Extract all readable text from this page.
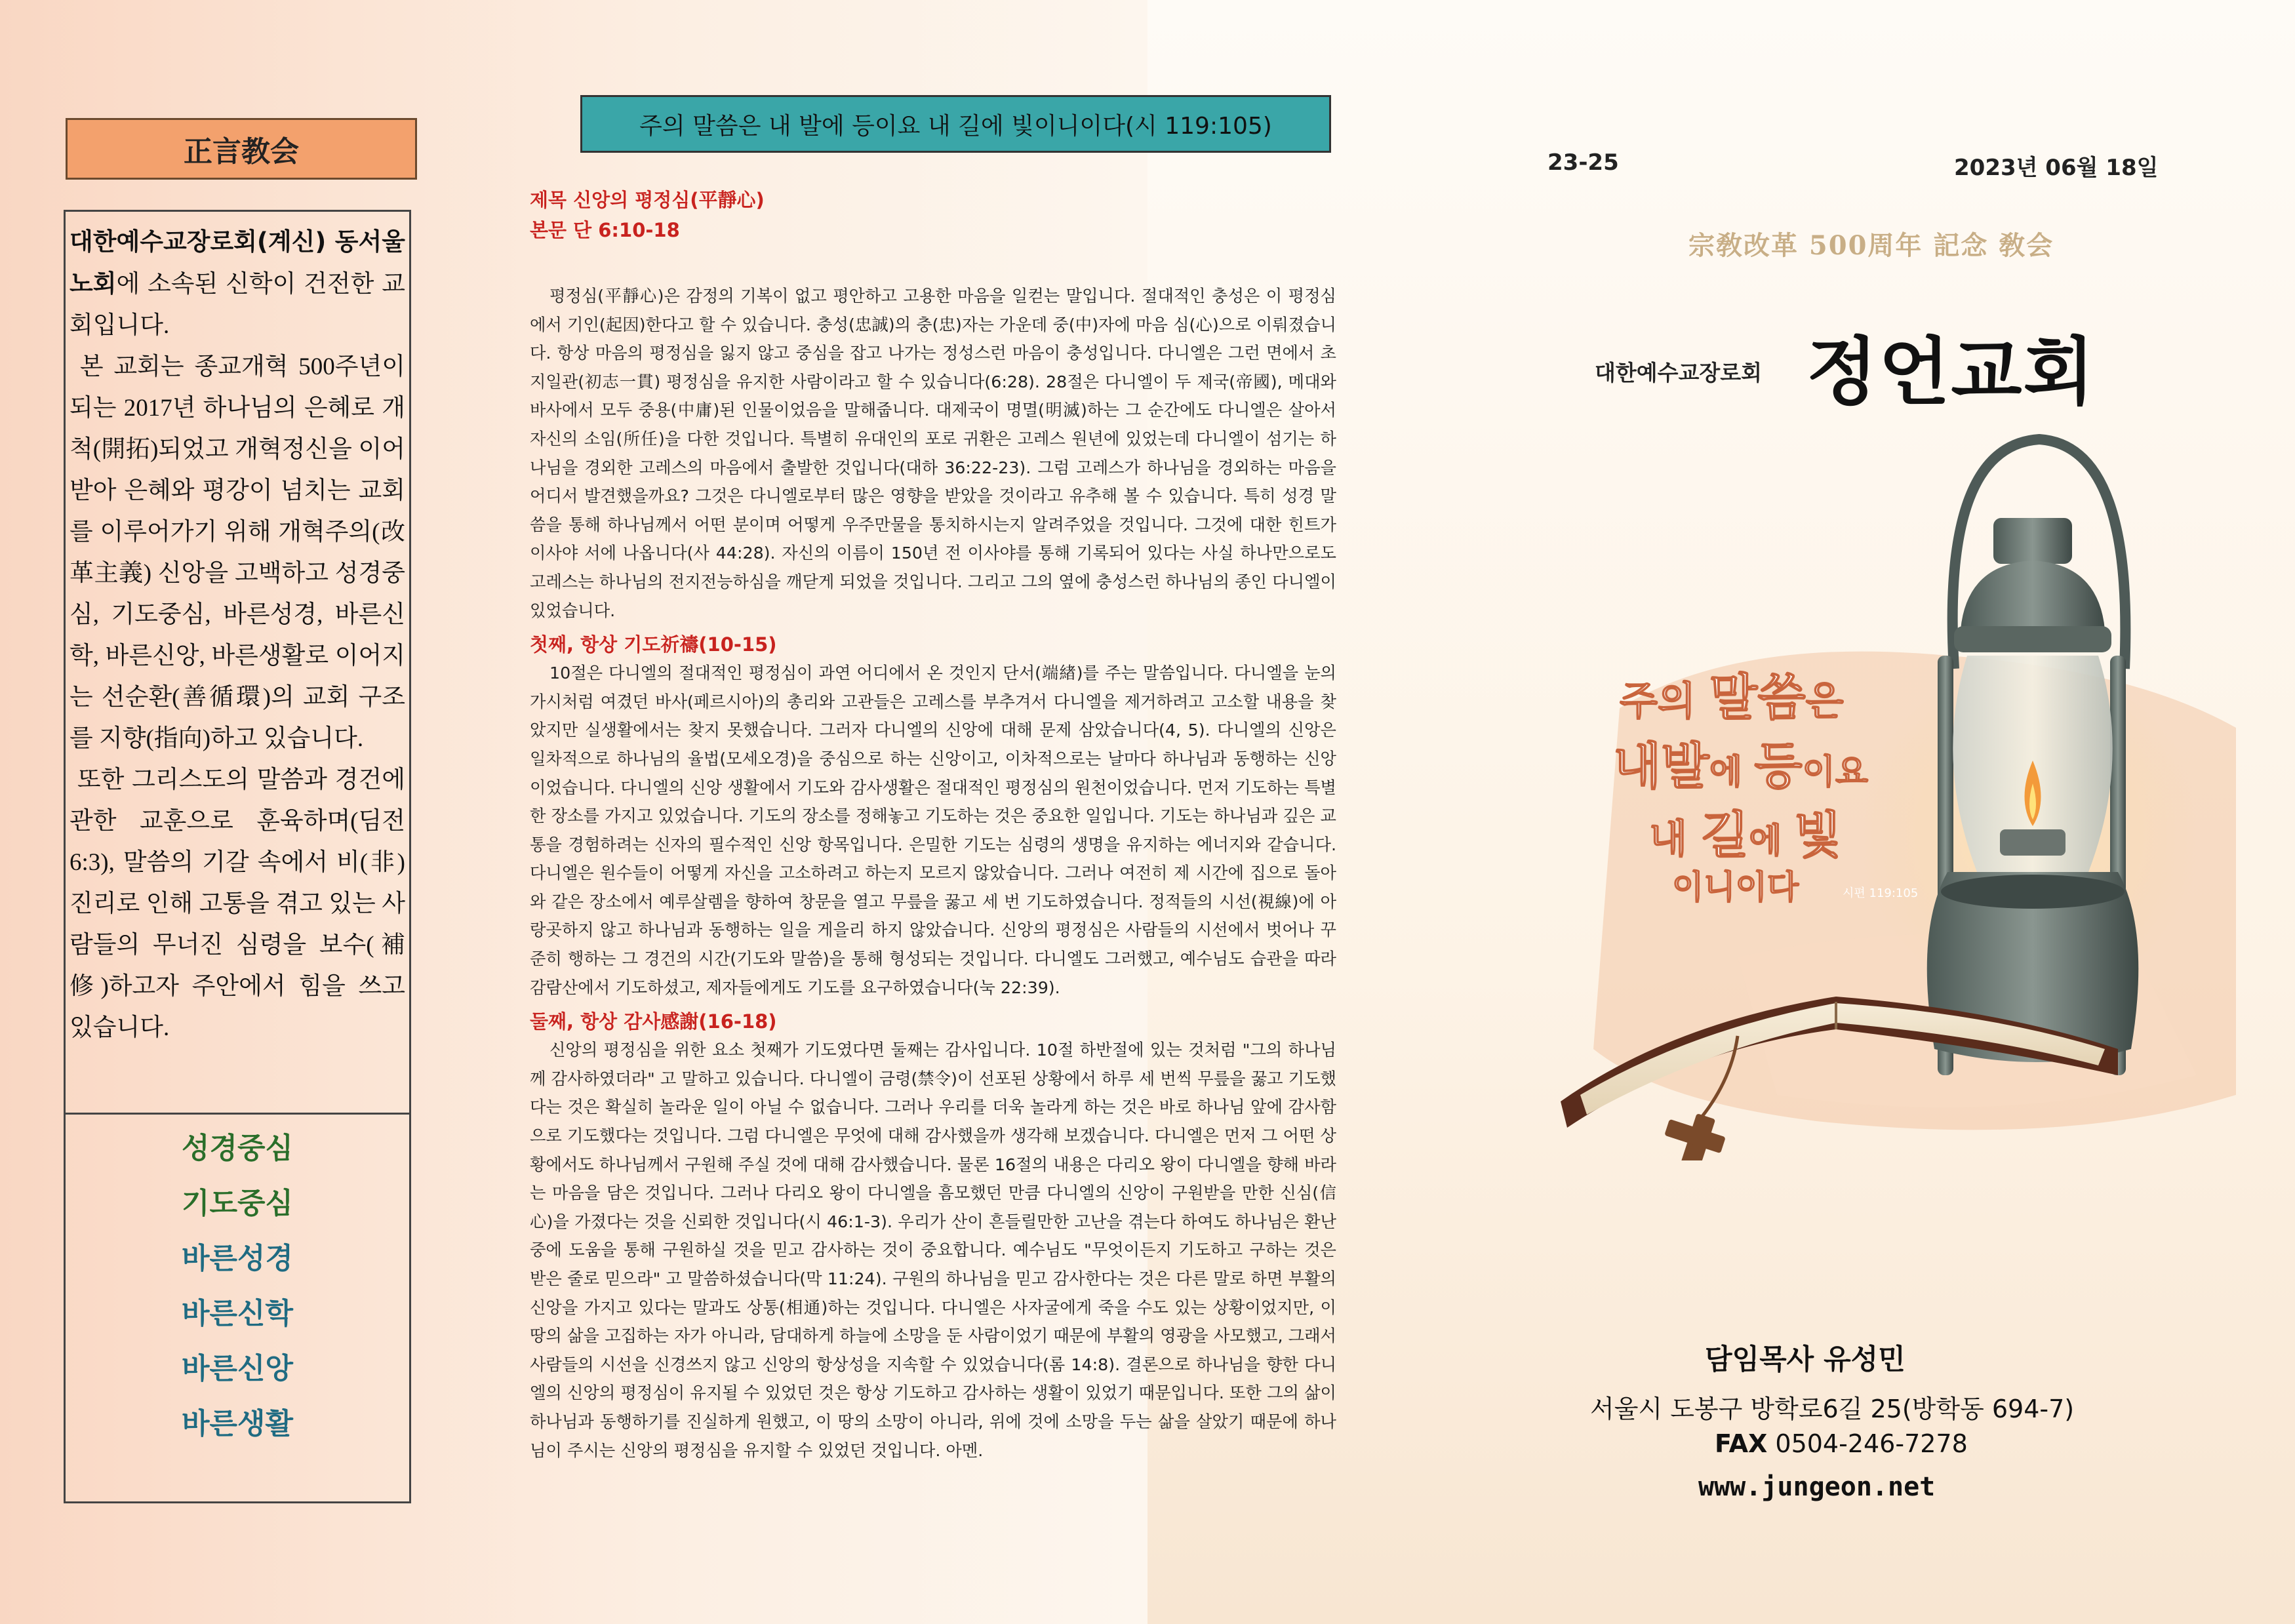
正言教会

대한예수교장로회(계신) 동서울 노회에 소속된 신학이 건전한 교회입니다.

본 교회는 종교개혁 500주년이 되는 2017년 하나님의 은혜로 개척(開拓)되었고 개혁정신을 이어받아 은혜와 평강이 넘치는 교회를 이루어가기 위해 개혁주의(改革主義) 신앙을 고백하고 성경중심, 기도중심, 바른성경, 바른신학, 바른신앙, 바른생활로 이어지는 선순환(善循環)의 교회 구조를 지향(指向)하고 있습니다.

또한 그리스도의 말씀과 경건에 관한 교훈으로 훈육하며(딤전 6:3), 말씀의 기갈 속에서 비(非) 진리로 인해 고통을 겪고 있는 사람들의 무너진 심령을 보수(補修)하고자 주안에서 힘을 쓰고 있습니다.

성경중심
기도중심
바른성경
바른신학
바른신앙
바른생활
주의 말씀은 내 발에 등이요 내 길에 빛이니이다(시 119:105)

제목 신앙의 평정심(平靜心)

본문 단 6:10-18

평정심(平靜心)은 감정의 기복이 없고 평안하고 고용한 마음을 일컫는 말입니다. 절대적인 충성은 이 평정심에서 기인(起因)한다고 할 수 있습니다. 충성(忠誠)의 충(忠)자는 가운데 중(中)자에 마음 심(心)으로 이뤄졌습니다. 항상 마음의 평정심을 잃지 않고 중심을 잡고 나가는 정성스런 마음이 충성입니다. 다니엘은 그런 면에서 초지일관(初志一貫) 평정심을 유지한 사람이라고 할 수 있습니다(6:28). 28절은 다니엘이 두 제국(帝國), 메대와 바사에서 모두 중용(中庸)된 인물이었음을 말해줍니다. 대제국이 명멸(明滅)하는 그 순간에도 다니엘은 살아서 자신의 소임(所任)을 다한 것입니다. 특별히 유대인의 포로 귀환은 고레스 원년에 있었는데 다니엘이 섬기는 하나님을 경외한 고레스의 마음에서 출발한 것입니다(대하 36:22-23). 그럼 고레스가 하나님을 경외하는 마음을 어디서 발견했을까요? 그것은 다니엘로부터 많은 영향을 받았을 것이라고 유추해 볼 수 있습니다. 특히 성경 말씀을 통해 하나님께서 어떤 분이며 어떻게 우주만물을 통치하시는지 알려주었을 것입니다. 그것에 대한 힌트가 이사야 서에 나옵니다(사 44:28). 자신의 이름이 150년 전 이사야를 통해 기록되어 있다는 사실 하나만으로도 고레스는 하나님의 전지전능하심을 깨닫게 되었을 것입니다. 그리고 그의 옆에 충성스런 하나님의 종인 다니엘이 있었습니다.

첫째, 항상 기도祈禱(10-15)

10절은 다니엘의 절대적인 평정심이 과연 어디에서 온 것인지 단서(端緖)를 주는 말씀입니다. 다니엘을 눈의 가시처럼 여겼던 바사(페르시아)의 총리와 고관들은 고레스를 부추겨서 다니엘을 제거하려고 고소할 내용을 찾았지만 실생활에서는 찾지 못했습니다. 그러자 다니엘의 신앙에 대해 문제 삼았습니다(4, 5). 다니엘의 신앙은 일차적으로 하나님의 율법(모세오경)을 중심으로 하는 신앙이고, 이차적으로는 날마다 하나님과 동행하는 신앙이었습니다. 다니엘의 신앙 생활에서 기도와 감사생활은 절대적인 평정심의 원천이었습니다. 먼저 기도하는 특별한 장소를 가지고 있었습니다. 기도의 장소를 정해놓고 기도하는 것은 중요한 일입니다. 기도는 하나님과 깊은 교통을 경험하려는 신자의 필수적인 신앙 항목입니다. 은밀한 기도는 심령의 생명을 유지하는 에너지와 같습니다. 다니엘은 원수들이 어떻게 자신을 고소하려고 하는지 모르지 않았습니다. 그러나 여전히 제 시간에 집으로 돌아와 같은 장소에서 예루살렘을 향하여 창문을 열고 무릎을 꿇고 세 번 기도하였습니다. 정적들의 시선(視線)에 아랑곳하지 않고 하나님과 동행하는 일을 게을리 하지 않았습니다. 신앙의 평정심은 사람들의 시선에서 벗어나 꾸준히 행하는 그 경건의 시간(기도와 말씀)을 통해 형성되는 것입니다. 다니엘도 그러했고, 예수님도 습관을 따라 감람산에서 기도하셨고, 제자들에게도 기도를 요구하였습니다(눅 22:39).

둘째, 항상 감사感謝(16-18)

신앙의 평정심을 위한 요소 첫째가 기도였다면 둘째는 감사입니다. 10절 하반절에 있는 것처럼 "그의 하나님께 감사하였더라" 고 말하고 있습니다. 다니엘이 금령(禁令)이 선포된 상황에서 하루 세 번씩 무릎을 꿇고 기도했다는 것은 확실히 놀라운 일이 아닐 수 없습니다. 그러나 우리를 더욱 놀라게 하는 것은 바로 하나님 앞에 감사함으로 기도했다는 것입니다. 그럼 다니엘은 무엇에 대해 감사했을까 생각해 보겠습니다. 다니엘은 먼저 그 어떤 상황에서도 하나님께서 구원해 주실 것에 대해 감사했습니다. 물론 16절의 내용은 다리오 왕이 다니엘을 향해 바라는 마음을 담은 것입니다. 그러나 다리오 왕이 다니엘을 흠모했던 만큼 다니엘의 신앙이 구원받을 만한 신심(信心)을 가졌다는 것을 신뢰한 것입니다(시 46:1-3). 우리가 산이 흔들릴만한 고난을 겪는다 하여도 하나님은 환난 중에 도움을 통해 구원하실 것을 믿고 감사하는 것이 중요합니다. 예수님도 "무엇이든지 기도하고 구하는 것은 받은 줄로 믿으라" 고 말씀하셨습니다(막 11:24). 구원의 하나님을 믿고 감사한다는 것은 다른 말로 하면 부활의 신앙을 가지고 있다는 말과도 상통(相通)하는 것입니다. 다니엘은 사자굴에게 죽을 수도 있는 상황이었지만, 이 땅의 삶을 고집하는 자가 아니라, 담대하게 하늘에 소망을 둔 사람이었기 때문에 부활의 영광을 사모했고, 그래서 사람들의 시선을 신경쓰지 않고 신앙의 항상성을 지속할 수 있었습니다(롬 14:8). 결론으로 하나님을 향한 다니엘의 신앙의 평정심이 유지될 수 있었던 것은 항상 기도하고 감사하는 생활이 있었기 때문입니다. 또한 그의 삶이 하나님과 동행하기를 진실하게 원했고, 이 땅의 소망이 아니라, 위에 것에 소망을 두는 삶을 살았기 때문에 하나님이 주시는 신앙의 평정심을 유지할 수 있었던 것입니다. 아멘.

23-25	2023년 06월 18일
宗敎改革 500周年 記念 敎会
대한예수교장로회 정언교회
주의 말씀은
내발에 등이요
내 길에 빛
이니이다	시편 119:105
담임목사 유성민
서울시 도봉구 방학로6길 25(방학동 694-7)
FAX 0504-246-7278
www.jungeon.net
